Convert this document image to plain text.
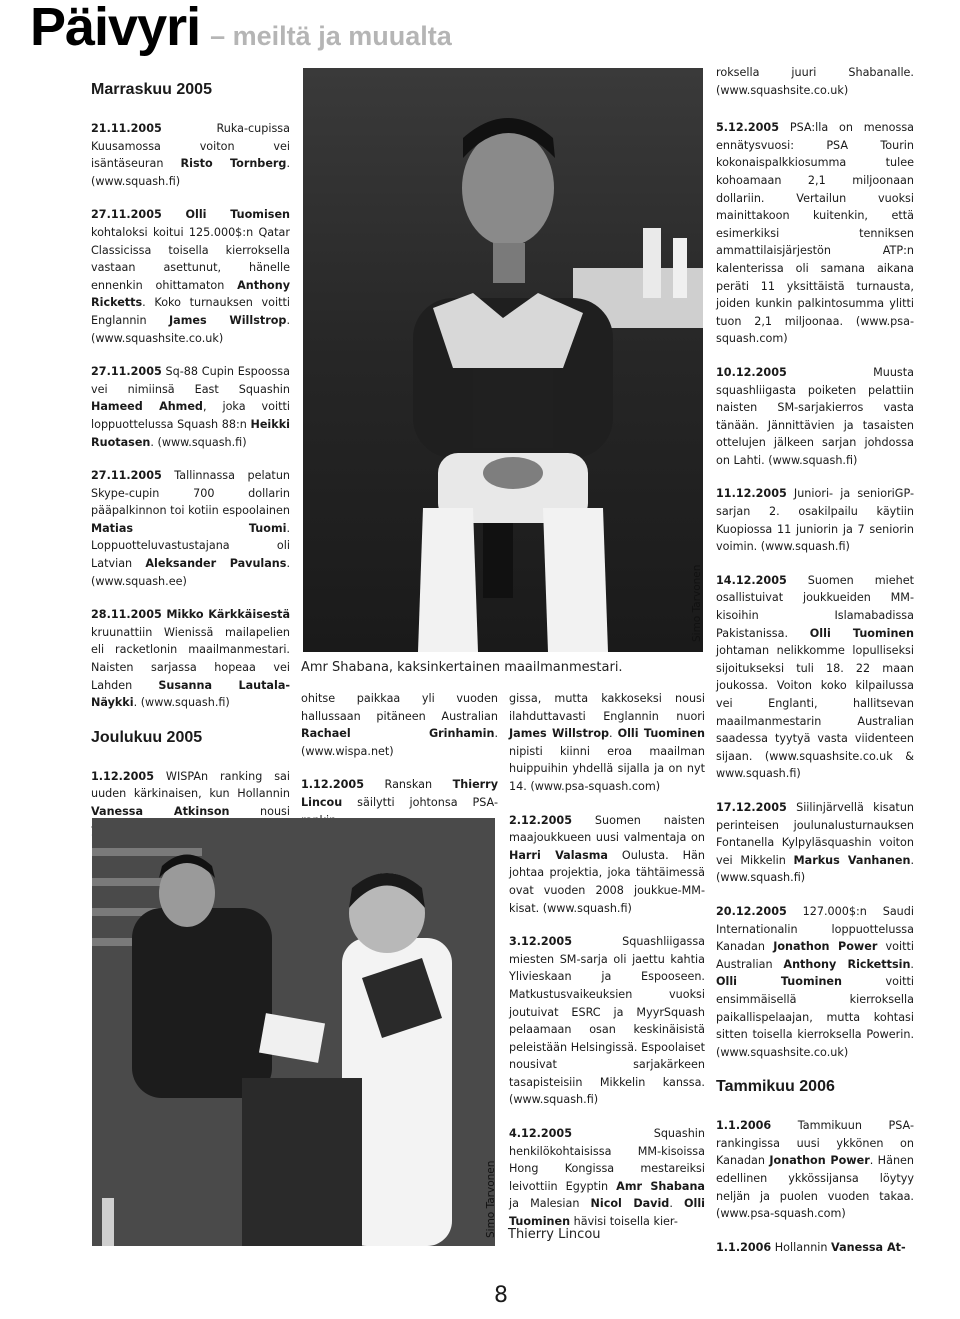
Päivyri – meiltä ja muualta
Marraskuu 2005

21.11.2005 Ruka-cupissa Kuusamossa voiton vei isäntäseuran Risto Tornberg. (www.squash.fi)

27.11.2005 Olli Tuomisen kohtaloksi koitui 125.000$:n Qatar Classicissa toisella kierroksella vastaan asettunut, hänelle ennenkin ohittamaton Anthony Ricketts. Koko turnauksen voitti Englannin James Willstrop. (www.squashsite.co.uk)

27.11.2005 Sq-88 Cupin Espoossa vei nimiinsä East Squashin Hameed Ahmed, joka voitti loppuottelussa Squash 88:n Heikki Ruotasen. (www.squash.fi)

27.11.2005 Tallinnassa pelatun Skype-cupin 700 dollarin pääpalkinnon toi kotiin espoolainen Matias Tuomi. Loppuotteluvastustajana oli Latvian Aleksander Pavulans. (www.squash.ee)

28.11.2005 Mikko Kärkkäisestä kruunattiin Wienissä mailapelien eli racketlonin maailmanmestari. Naisten sarjassa hopeaa vei Lahden Susanna Lautala-Näykki. (www.squash.fi)

Joulukuu 2005

1.12.2005 WISPAn ranking sai uuden kärkinaisen, kun Hollannin Vanessa Atkinson	nousi

Simo Tarvonen
Amr Shabana, kaksinkertainen maailmanmestari.

ohitse paikkaa yli vuoden hallussaan pitäneen Australian Rachael Grinhamin. (www.wispa.net)

1.12.2005 Ranskan Thierry Lincou säilytti johtonsa PSA-

gissa, mutta kakkoseksi nousi ilahduttavasti Englannin nuori James Willstrop. Olli Tuominen nipisti kiinni eroa maailman huippuihin yhdellä sijalla ja on nyt 14. (www.psa-squash.com)

2.12.2005 Suomen naisten maajoukkueen uusi valmentaja on Harri Valasma Oulusta. Hän johtaa projektia, joka tähtäimessä ovat vuoden 2008 joukkue-MM-kisat. (www.squash.fi)

3.12.2005 Squashliigassa miesten SM-sarja oli jaettu kahtia Ylivieskaan ja Espooseen. Matkustusvaikeuksien vuoksi joutuivat ESRC ja MyyrSquash pelaamaan osan keskinäisistä peleistään Helsingissä. Espoolaiset nousivat sarjakärkeen tasapisteisiin Mikkelin kanssa. (www.squash.fi)

4.12.2005 Squashin henkilökohtaisissa MM-kisoissa Hong Kongissa mestareiksi leivottiin Egyptin Amr Shabana ja Malesian Nicol David. Olli Tuominen hävisi toisella kier-

Simo Tarvonen Thierry Lincou

roksella juuri Shabanalle. (www.squashsite.co.uk)

5.12.2005 PSA:lla on menossa ennätysvuosi: PSA Tourin kokonaispalkkiosumma tulee kohoamaan 2,1 miljoonaan dollariin. Vertailun vuoksi mainittakoon kuitenkin, että esimerkiksi tenniksen ammattilaisjärjestön ATP:n kalenterissa oli samana aikana peräti 11 yksittäistä turnausta, joiden kunkin palkintosumma ylitti tuon 2,1 miljoonaa. (www.psa-squash.com)

10.12.2005 Muusta squashliigasta poiketen pelattiin naisten SM-sarjakierros vasta tänään. Jännittävien ja tasaisten ottelujen jälkeen sarjan johdossa on Lahti. (www.squash.fi)

11.12.2005 Juniori- ja senioriGP-sarjan 2. osakilpailu käytiin Kuopiossa 11 juniorin ja 7 seniorin voimin. (www.squash.fi)

14.12.2005 Suomen miehet osallistuivat joukkueiden MM-kisoihin Islamabadissa Pakistanissa. Olli Tuominen johtaman nelikkomme lopulliseksi sijoitukseksi tuli 18. 22 maan joukossa. Voiton koko kilpailussa vei Englanti, hallitsevan maailmanmestarin Australian saadessa tyytyä vasta viidenteen sijaan. (www.squashsite.co.uk & www.squash.fi)

17.12.2005 Siilinjärvellä kisatun perinteisen joulunalusturnauksen Fontanella Kylpyläsquashin voiton vei Mikkelin Markus Vanhanen. (www.squash.fi)

20.12.2005 127.000$:n Saudi Internationalin loppuottelussa Kanadan Jonathon Power voitti Australian Anthony Rickettsin. Olli Tuominen voitti ensimmäisellä kierroksella paikallispelaajan, mutta kohtasi sitten toisella kierroksella Powerin. (www.squashsite.co.uk)

Tammikuu 2006

1.1.2006 Tammikuun PSA-rankingissa uusi ykkönen on Kanadan Jonathon Power. Hänen edellinen ykkössijansa löytyy neljän ja puolen vuoden takaa. (www.psa-squash.com)

1.1.2006 Hollannin Vanessa At-

8
